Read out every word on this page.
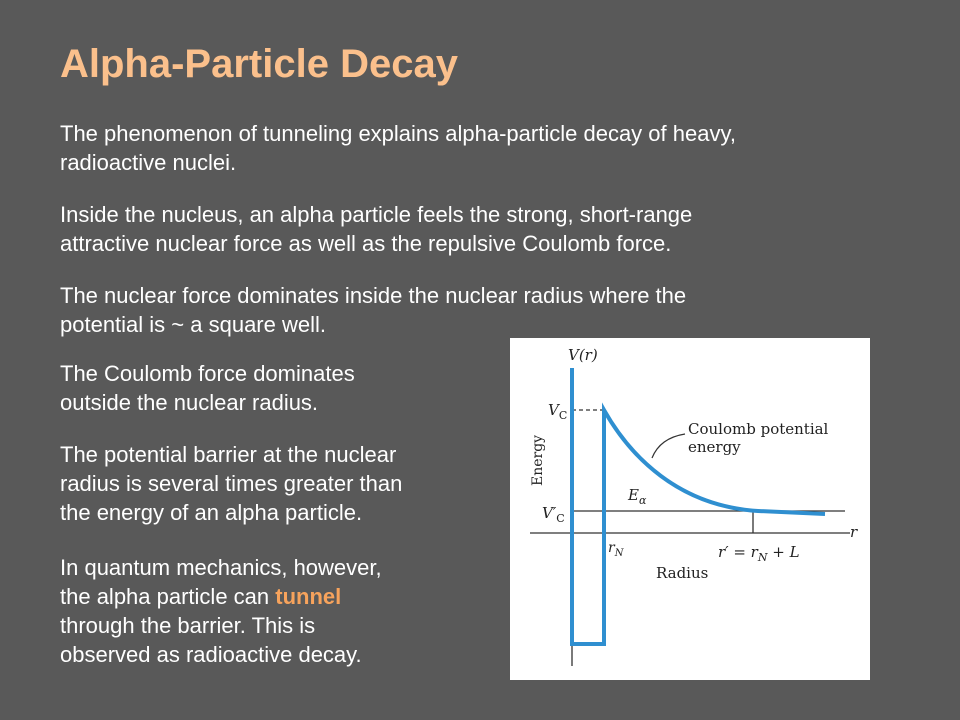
Alpha-Particle Decay

The phenomenon of tunneling explains alpha-particle decay of heavy,
radioactive nuclei.

Inside the nucleus, an alpha particle feels the strong, short-range
attractive nuclear force as well as the repulsive Coulomb force.

The nuclear force dominates inside the nuclear radius where the
potential is ~ a square well.

The Coulomb force dominates
outside the nuclear radius.

The potential barrier at the nuclear
radius is several times greater than
the energy of an alpha particle.

In quantum mechanics, however,
the alpha particle can tunnel
through the barrier. This is
observed as radioactive decay.

V(r)
$V_C$
$V'_C$
Energy
Coulomb potential
energy
$E_\alpha$
$r_N$	$r' = r_N + L$
r
Radius
